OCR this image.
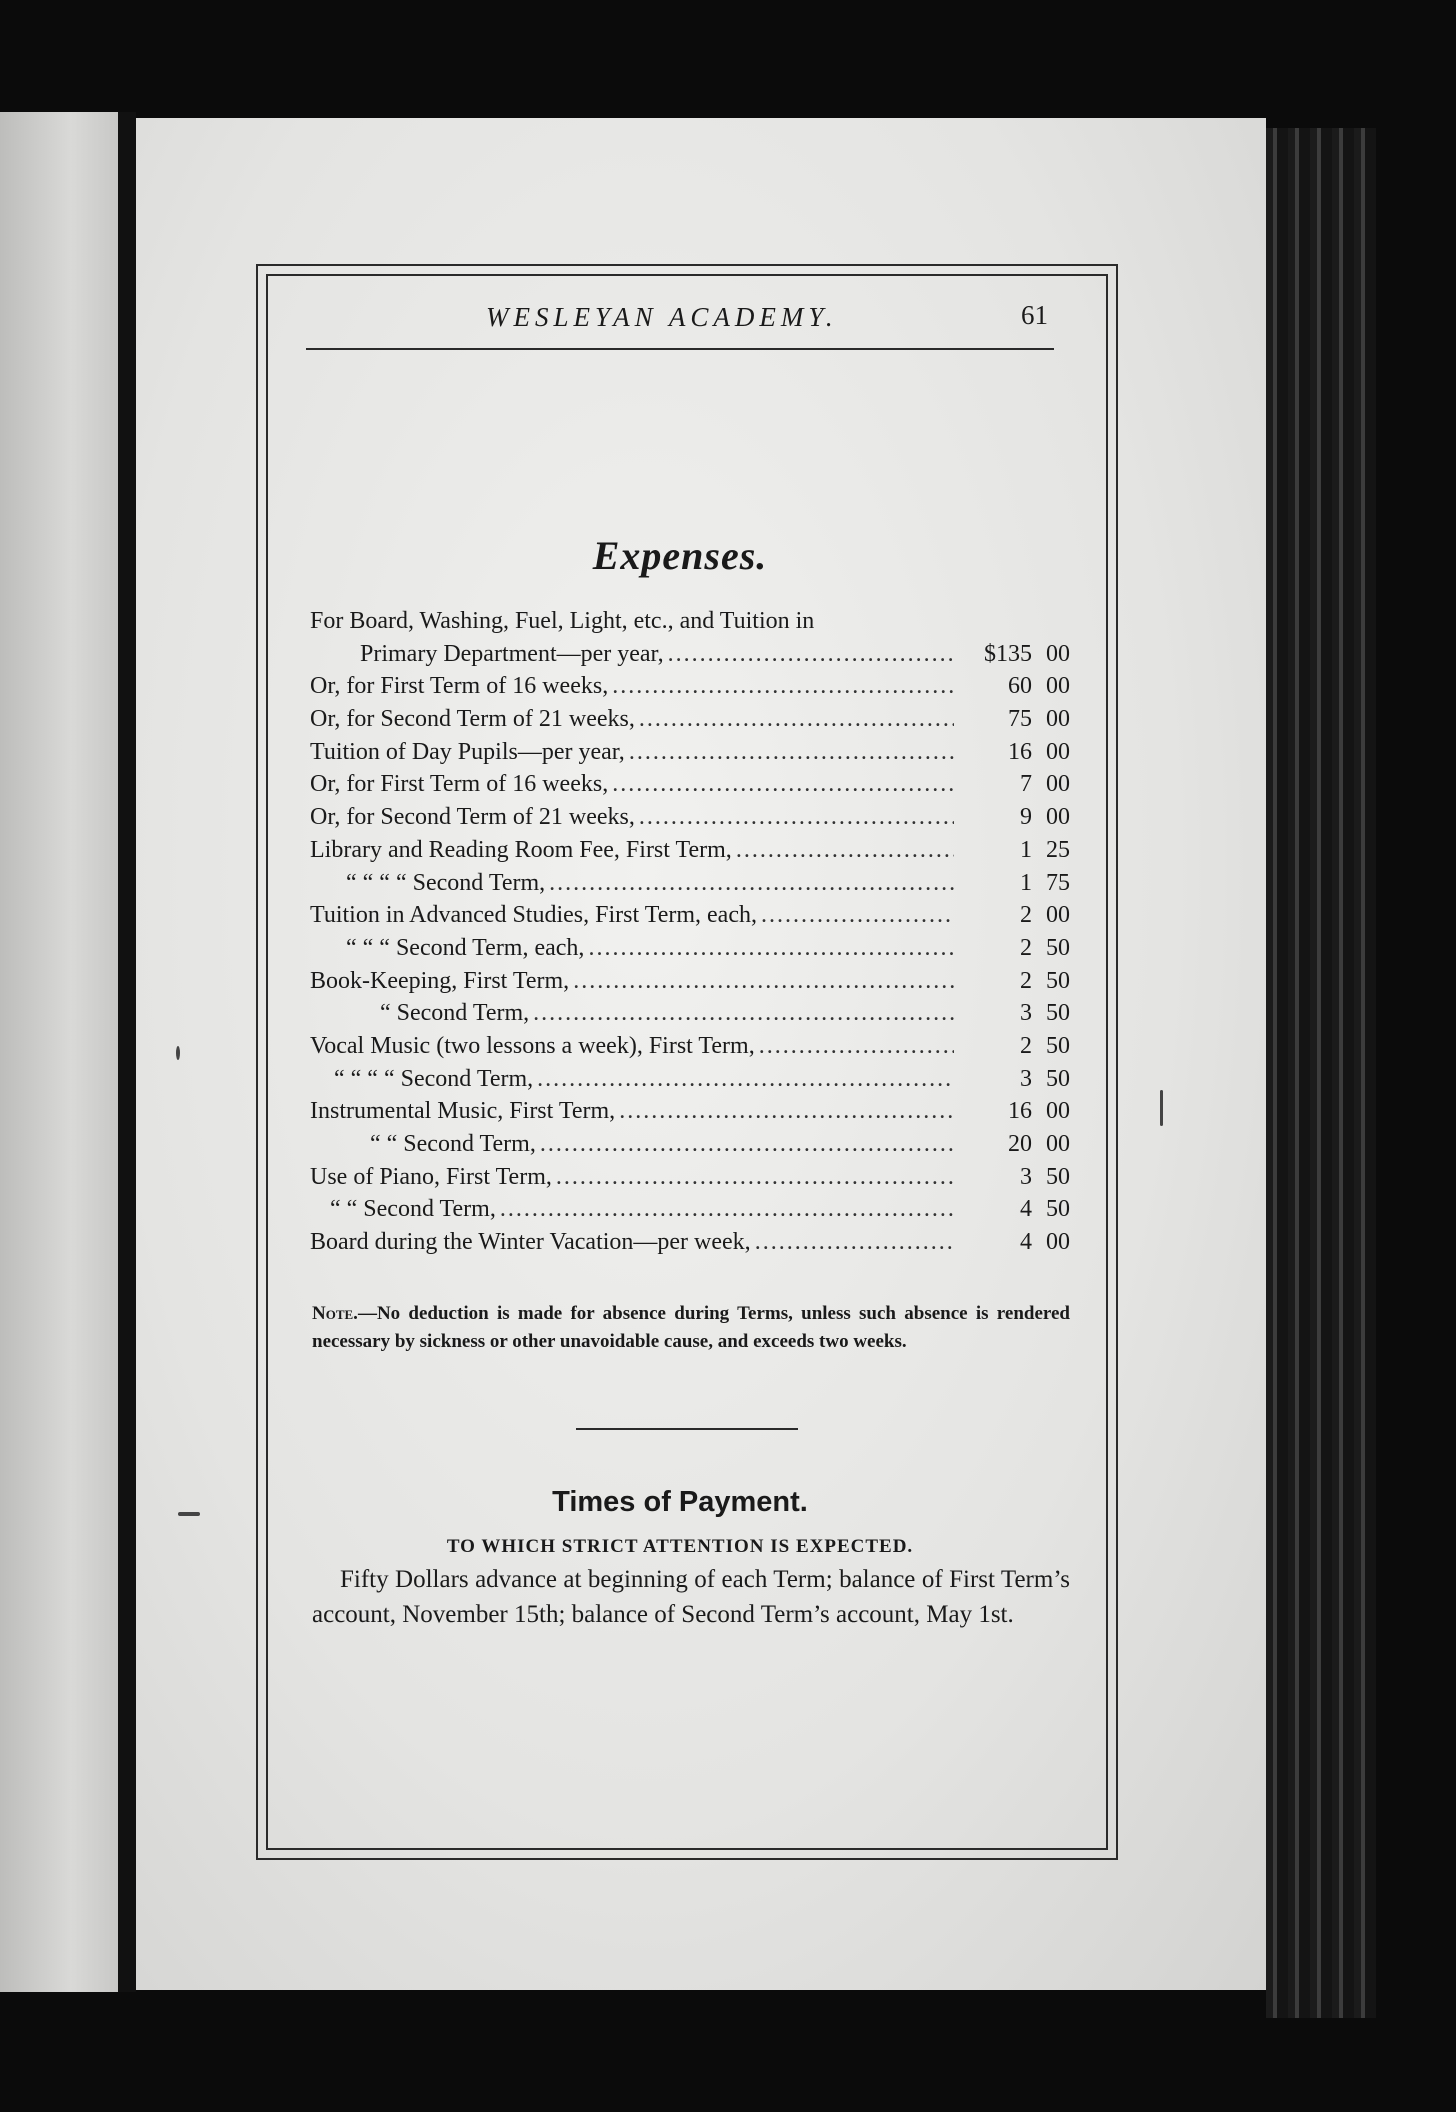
WESLEYAN ACADEMY.	61
Expenses.
For Board, Washing, Fuel, Light, etc., and Tuition in
Primary Department—per year, .....	$135 00
Or, for First Term of 16 weeks, .....	60 00
Or, for Second Term of 21 weeks, .....	75 00
Tuition of Day Pupils—per year, .....	16 00
Or, for First Term of 16 weeks, .....	7 00
Or, for Second Term of 21 weeks, .....	9 00
Library and Reading Room Fee, First Term, .....	1 25
“ “ “ “ Second Term, .....	1 75
Tuition in Advanced Studies, First Term, each, .....	2 00
“ “ “ Second Term, each, .....	2 50
Book-Keeping, First Term, .....	2 50
“ Second Term, .....	3 50
Vocal Music (two lessons a week), First Term, .....	2 50
“ “ “ “ Second Term, .....	3 50
Instrumental Music, First Term, .....	16 00
“ “ Second Term, .....	20 00
Use of Piano, First Term, .....	3 50
“ “ Second Term, .....	4 50
Board during the Winter Vacation—per week, .....	4 00
Note.—No deduction is made for absence during Terms, unless such absence is rendered necessary by sickness or other unavoidable cause, and exceeds two weeks.
Times of Payment.
TO WHICH STRICT ATTENTION IS EXPECTED.
Fifty Dollars advance at beginning of each Term; balance of First Term’s account, November 15th; balance of Second Term’s account, May 1st.
